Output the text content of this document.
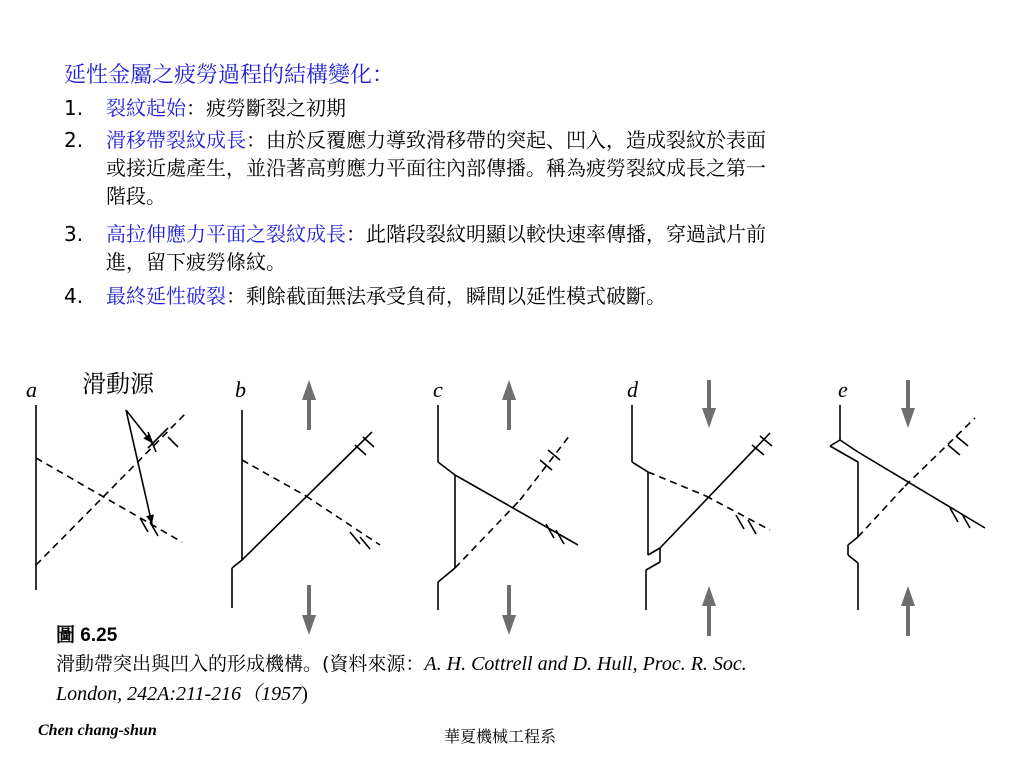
延性金屬之疲勞過程的結構變化：
1. 裂紋起始：疲勞斷裂之初期
2. 滑移帶裂紋成長：由於反覆應力導致滑移帶的突起、凹入，造成裂紋於表面
或接近處產生，並沿著高剪應力平面往內部傳播。稱為疲勞裂紋成長之第一
階段。
3. 高拉伸應力平面之裂紋成長：此階段裂紋明顯以較快速率傳播，穿過試片前
進，留下疲勞條紋。
4. 最終延性破裂：剩餘截面無法承受負荷，瞬間以延性模式破斷。
a 滑動源	b	c	d	e
圖 6.25
滑動帶突出與凹入的形成機構。(資料來源：A. H. Cottrell and D. Hull, Proc. R. Soc.
London, 242A:211-216（1957)
Chen chang-shun	華夏機械工程系
